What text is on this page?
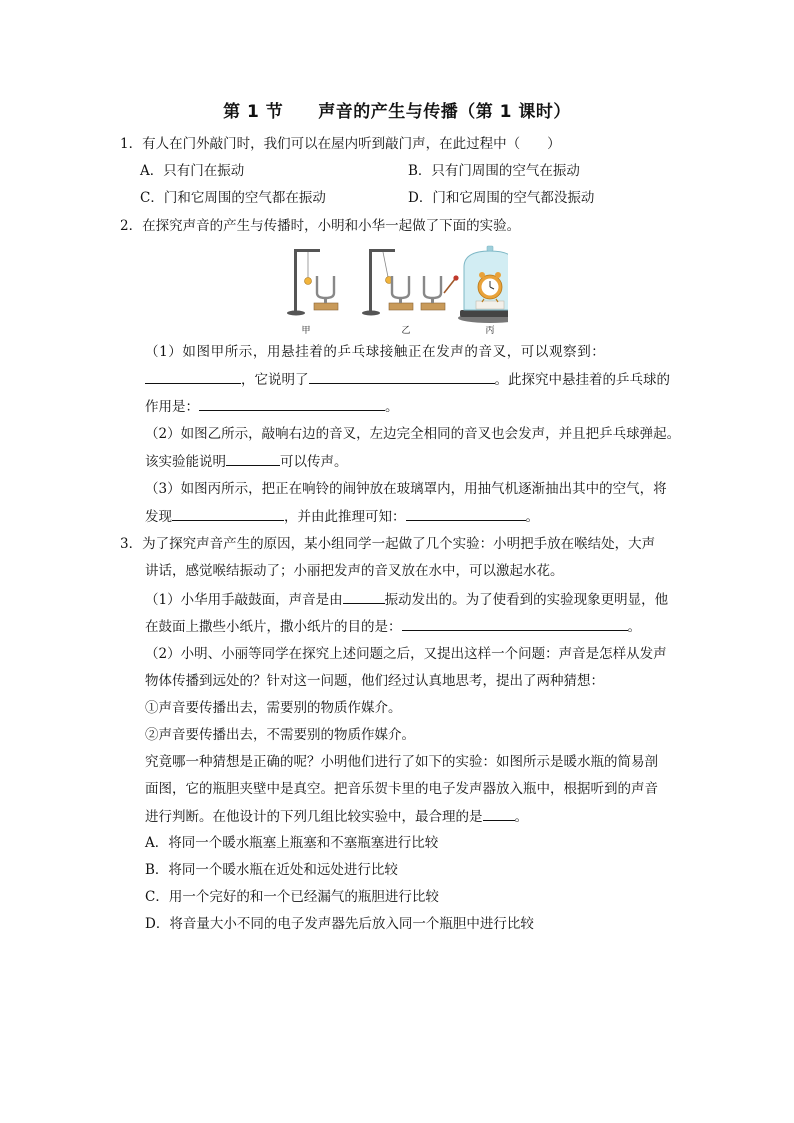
第 1 节　　声音的产生与传播（第 1 课时）
1．有人在门外敲门时，我们可以在屋内听到敲门声，在此过程中（　　）
A．只有门在振动	B．只有门周围的空气在振动
C．门和它周围的空气都在振动	D．门和它周围的空气都没振动
2．在探究声音的产生与传播时，小明和小华一起做了下面的实验。
甲	乙	丙
（1）如图甲所示，用悬挂着的乒乓球接触正在发声的音叉，可以观察到：
，它说明了	。此探究中悬挂着的乒乓球的
作用是：	。
（2）如图乙所示，敲响右边的音叉，左边完全相同的音叉也会发声，并且把乒乓球弹起。
该实验能说明	可以传声。
（3）如图丙所示，把正在响铃的闹钟放在玻璃罩内，用抽气机逐渐抽出其中的空气，将
发现	，并由此推理可知：	。
3．为了探究声音产生的原因，某小组同学一起做了几个实验：小明把手放在喉结处，大声
讲话，感觉喉结振动了；小丽把发声的音叉放在水中，可以激起水花。
（1）小华用手敲鼓面，声音是由	振动发出的。为了使看到的实验现象更明显，他
在鼓面上撒些小纸片，撒小纸片的目的是：	。
（2）小明、小丽等同学在探究上述问题之后，又提出这样一个问题：声音是怎样从发声
物体传播到远处的？针对这一问题，他们经过认真地思考，提出了两种猜想：
①声音要传播出去，需要别的物质作媒介。
②声音要传播出去，不需要别的物质作媒介。
究竟哪一种猜想是正确的呢？小明他们进行了如下的实验：如图所示是暖水瓶的简易剖
面图，它的瓶胆夹壁中是真空。把音乐贺卡里的电子发声器放入瓶中，根据听到的声音
进行判断。在他设计的下列几组比较实验中，最合理的是 。
A．将同一个暖水瓶塞上瓶塞和不塞瓶塞进行比较
B．将同一个暖水瓶在近处和远处进行比较
C．用一个完好的和一个已经漏气的瓶胆进行比较
D．将音量大小不同的电子发声器先后放入同一个瓶胆中进行比较
